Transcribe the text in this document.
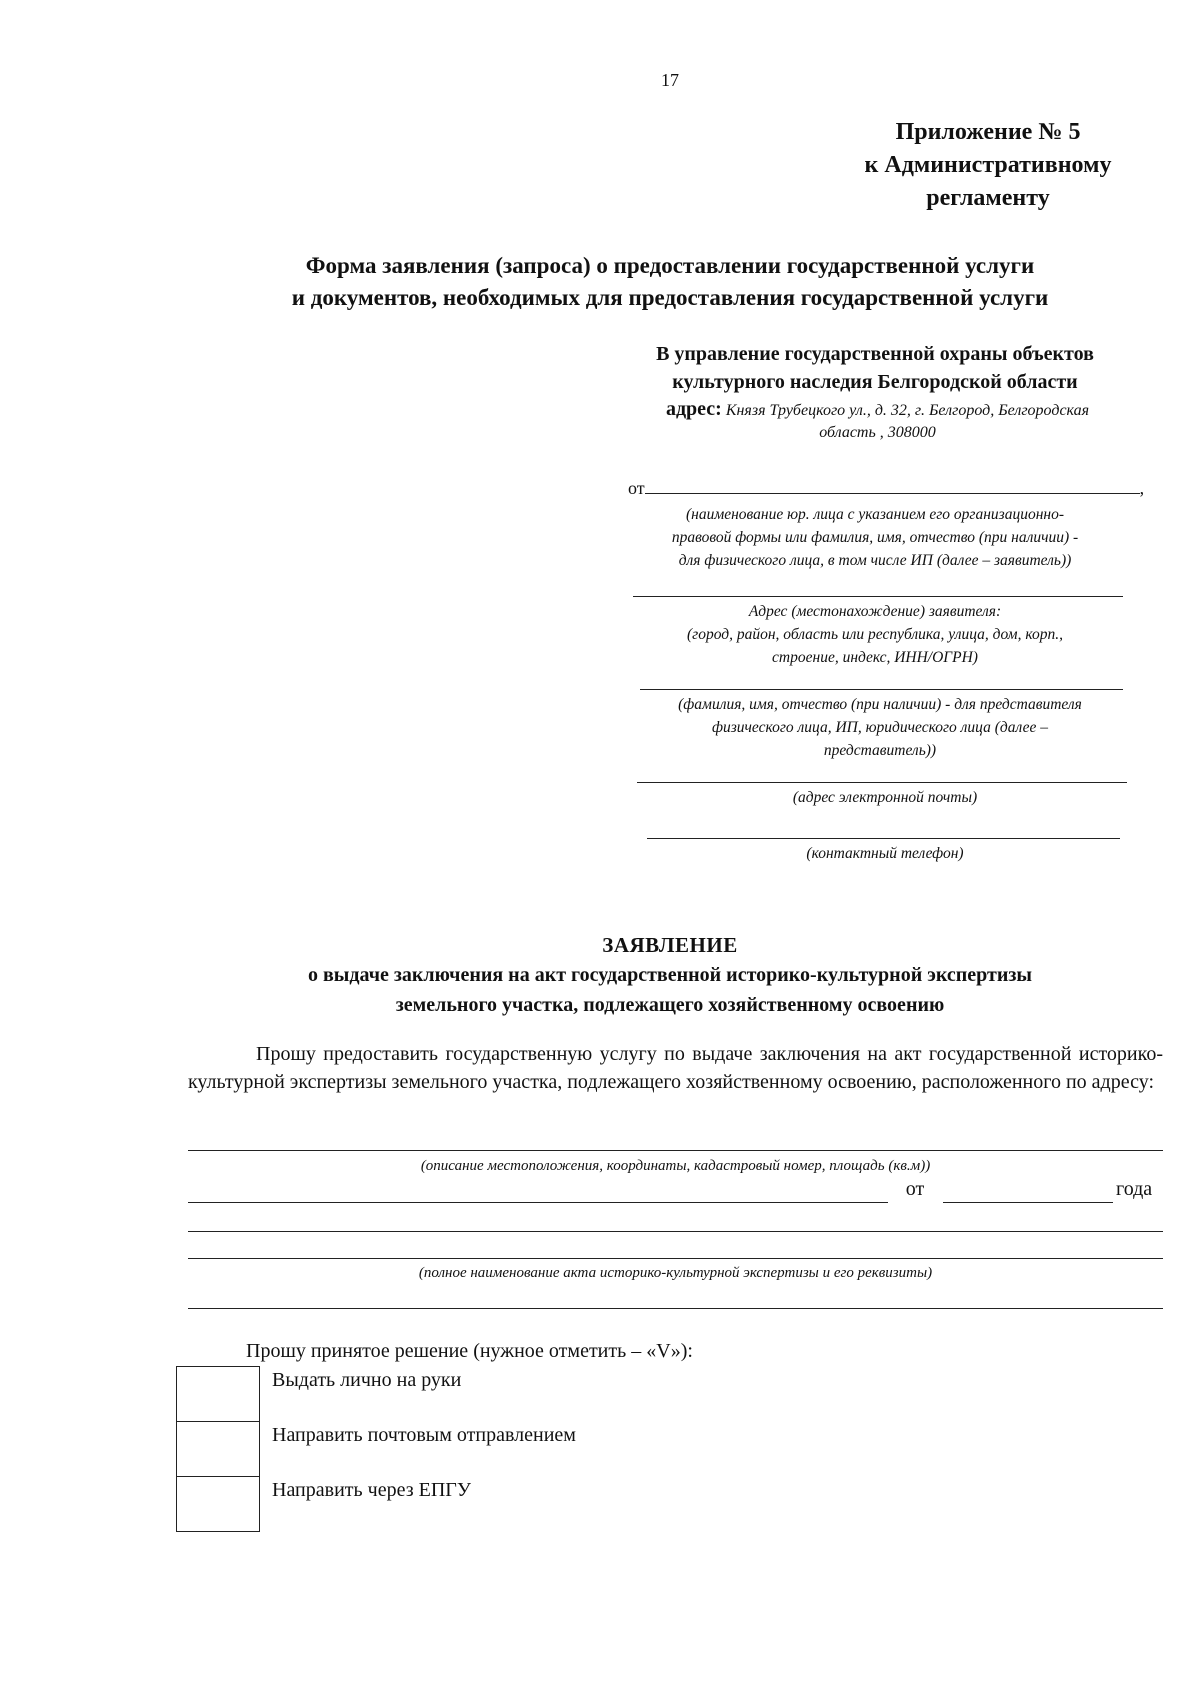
17
Приложение № 5
к Административному
регламенту
Форма заявления (запроса) о предоставлении государственной услуги
и документов, необходимых для предоставления государственной услуги
В управление государственной охраны объектов
культурного наследия Белгородской области
адрес: Князя Трубецкого ул., д. 32, г. Белгород, Белгородская
область , 308000
от	,
(наименование юр. лица с указанием его организационно-
правовой формы или фамилия, имя, отчество (при наличии) -
для физического лица, в том числе ИП (далее – заявитель))
Адрес (местонахождение) заявителя:
(город, район, область или республика, улица, дом, корп.,
строение, индекс, ИНН/ОГРН)
(фамилия, имя, отчество (при наличии) - для представителя
физического лица, ИП, юридического лица (далее –
представитель))
(адрес электронной почты)
(контактный телефон)
ЗАЯВЛЕНИЕ
о выдаче заключения на акт государственной историко-культурной экспертизы
земельного участка, подлежащего хозяйственному освоению
Прошу предоставить государственную услугу по выдаче заключения на акт государственной историко-культурной экспертизы земельного участка, подлежащего хозяйственному освоению, расположенного по адресу:
(описание местоположения, координаты, кадастровый номер, площадь (кв.м))
от	года
(полное наименование акта историко-культурной экспертизы и его реквизиты)
Прошу принятое решение (нужное отметить – «V»):
	Выдать лично на руки
	Направить почтовым отправлением
	Направить через ЕПГУ
